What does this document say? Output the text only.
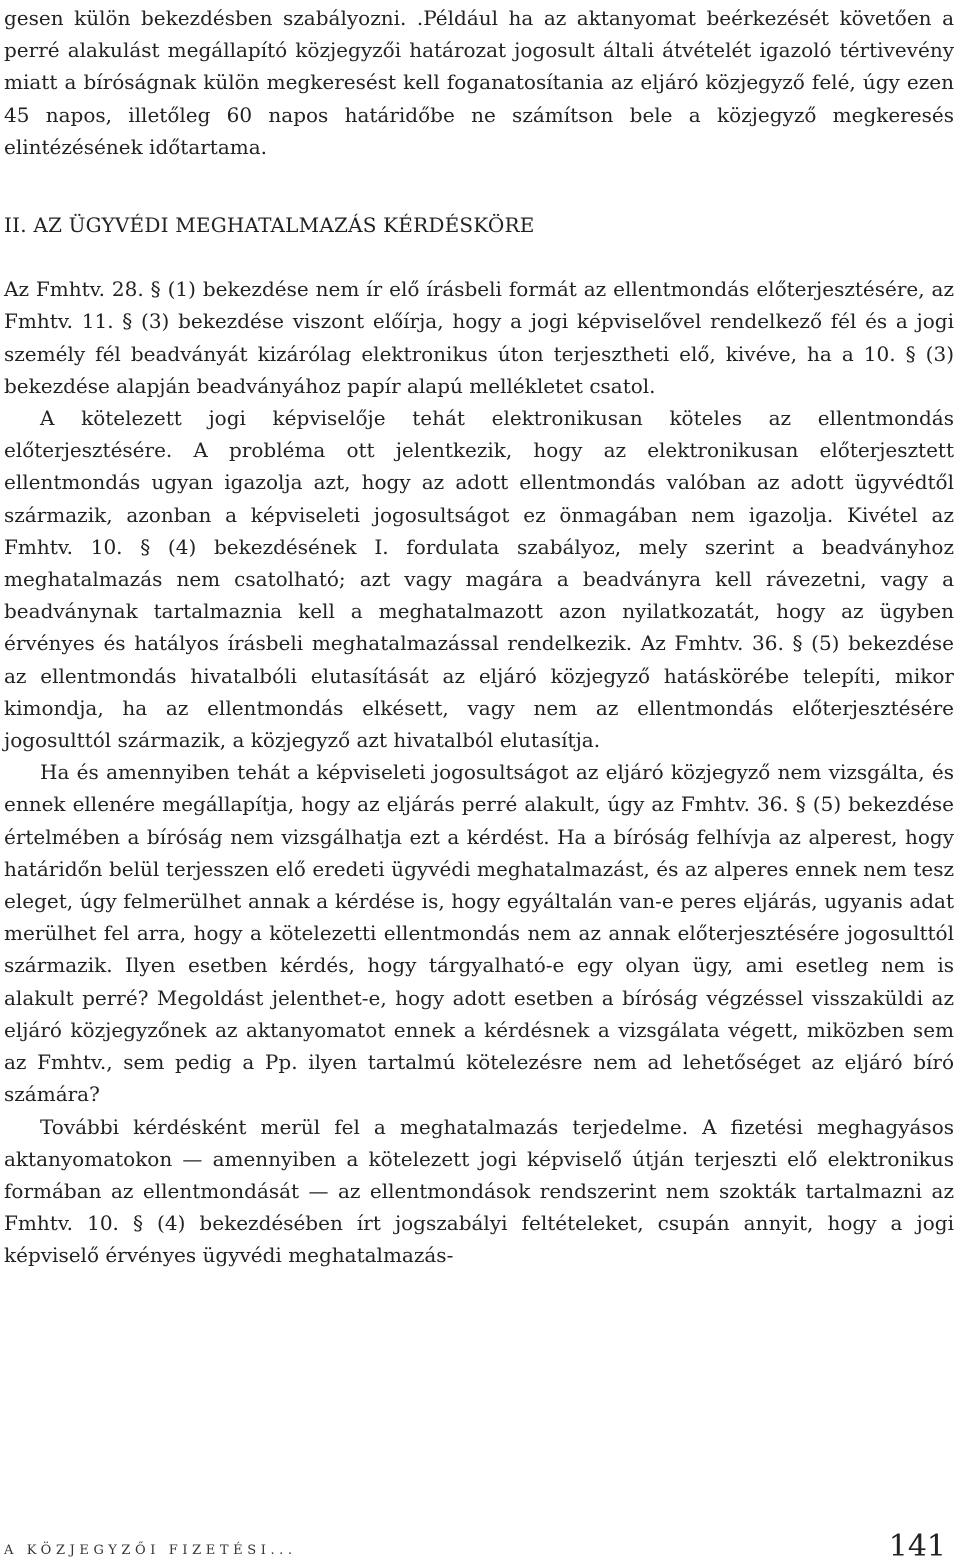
gesen külön bekezdésben szabályozni. .Például ha az aktanyomat beérkezését követően a perré alakulást megállapító közjegyzői határozat jogosult általi átvételét igazoló tértivevény miatt a bíróságnak külön megkeresést kell foganatosítania az eljáró közjegyző felé, úgy ezen 45 napos, illetőleg 60 napos határidőbe ne számítson bele a közjegyző megkeresés elintézésének időtartama.

II. AZ ÜGYVÉDI MEGHATALMAZÁS KÉRDÉSKÖRE

Az Fmhtv. 28. § (1) bekezdése nem ír elő írásbeli formát az ellentmondás előterjesztésére, az Fmhtv. 11. § (3) bekezdése viszont előírja, hogy a jogi képviselővel rendelkező fél és a jogi személy fél beadványát kizárólag elektronikus úton terjesztheti elő, kivéve, ha a 10. § (3) bekezdése alapján beadványához papír alapú mellékletet csatol.

A kötelezett jogi képviselője tehát elektronikusan köteles az ellentmondás előterjesztésére. A probléma ott jelentkezik, hogy az elektronikusan előterjesztett ellentmondás ugyan igazolja azt, hogy az adott ellentmondás valóban az adott ügyvédtől származik, azonban a képviseleti jogosultságot ez önmagában nem igazolja. Kivétel az Fmhtv. 10. § (4) bekezdésének I. fordulata szabályoz, mely szerint a beadványhoz meghatalmazás nem csatolható; azt vagy magára a beadványra kell rávezetni, vagy a beadványnak tartalmaznia kell a meghatalmazott azon nyilatkozatát, hogy az ügyben érvényes és hatályos írásbeli meghatalmazással rendelkezik. Az Fmhtv. 36. § (5) bekezdése az ellentmondás hivatalbóli elutasítását az eljáró közjegyző hatáskörébe telepíti, mikor kimondja, ha az ellentmondás elkésett, vagy nem az ellentmondás előterjesztésére jogosulttól származik, a közjegyző azt hivatalból elutasítja.

Ha és amennyiben tehát a képviseleti jogosultságot az eljáró közjegyző nem vizsgálta, és ennek ellenére megállapítja, hogy az eljárás perré alakult, úgy az Fmhtv. 36. § (5) bekezdése értelmében a bíróság nem vizsgálhatja ezt a kérdést. Ha a bíróság felhívja az alperest, hogy határidőn belül terjesszen elő eredeti ügyvédi meghatalmazást, és az alperes ennek nem tesz eleget, úgy felmerülhet annak a kérdése is, hogy egyáltalán van-e peres eljárás, ugyanis adat merülhet fel arra, hogy a kötelezetti ellentmondás nem az annak előterjesztésére jogosulttól származik. Ilyen esetben kérdés, hogy tárgyalható-e egy olyan ügy, ami esetleg nem is alakult perré? Megoldást jelenthet-e, hogy adott esetben a bíróság végzéssel visszaküldi az eljáró közjegyzőnek az aktanyomatot ennek a kérdésnek a vizsgálata végett, miközben sem az Fmhtv., sem pedig a Pp. ilyen tartalmú kötelezésre nem ad lehetőséget az eljáró bíró számára?

További kérdésként merül fel a meghatalmazás terjedelme. A fizetési meghagyásos aktanyomatokon — amennyiben a kötelezett jogi képviselő útján terjeszti elő elektronikus formában az ellentmondását — az ellentmondások rendszerint nem szokták tartalmazni az Fmhtv. 10. § (4) bekezdésében írt jogszabályi feltételeket, csupán annyit, hogy a jogi képviselő érvényes ügyvédi meghatalmazás-

A KÖZJEGYZŐI FIZETÉSI...	141
